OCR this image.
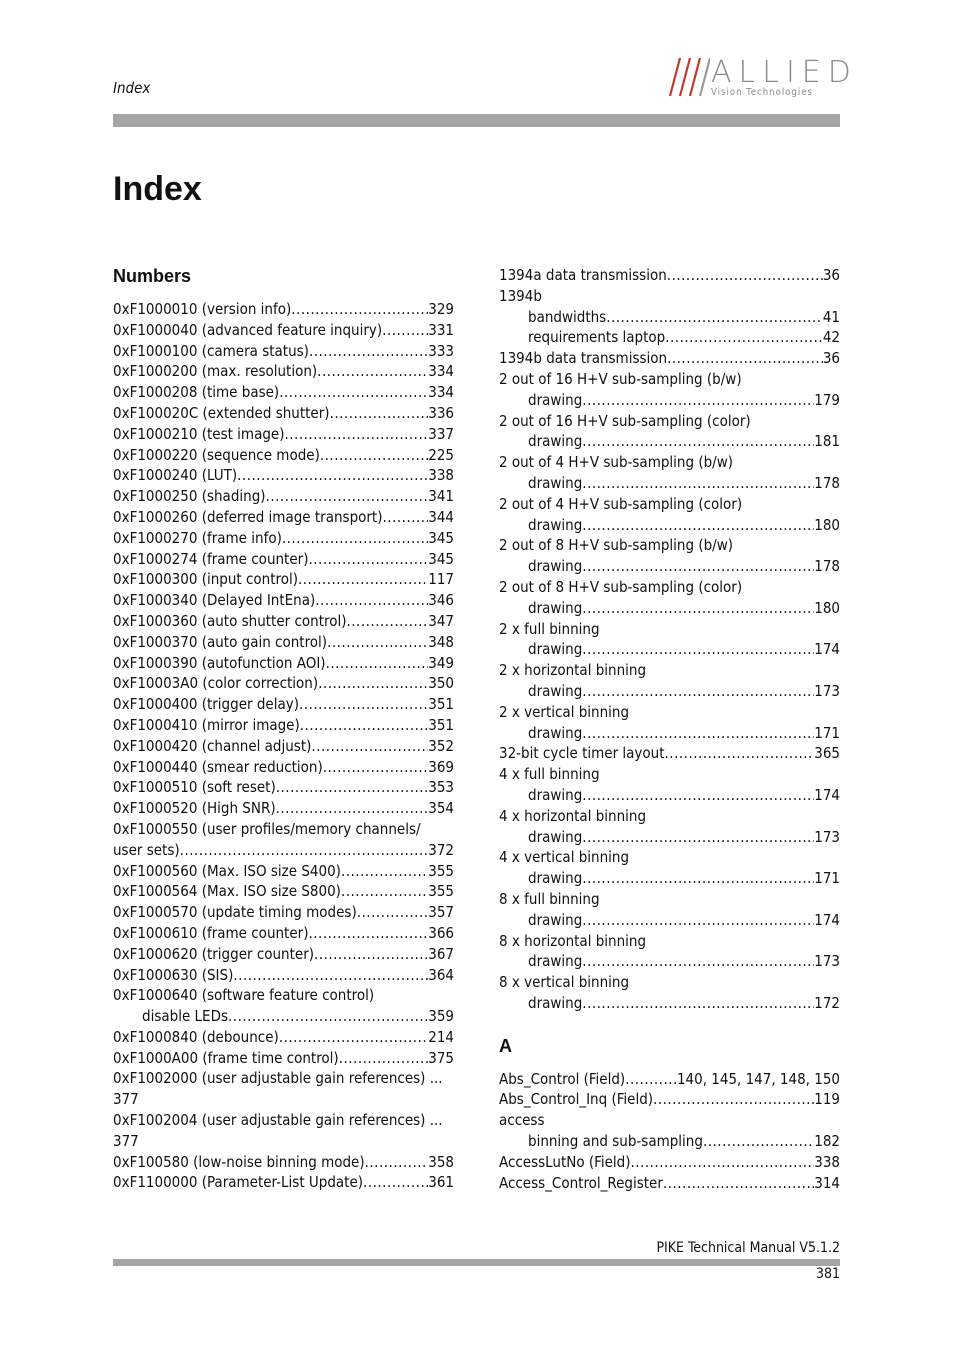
Index	ALLIED
Vision Technologies
Index
Numbers
0xF1000010 (version info) .....	329
0xF1000040 (advanced feature inquiry) .....	331
0xF1000100 (camera status) .....	333
0xF1000200 (max. resolution) .....	334
0xF1000208 (time base) .....	334
0xF100020C (extended shutter) .....	336
0xF1000210 (test image) .....	337
0xF1000220 (sequence mode) .....	225
0xF1000240 (LUT) .....	338
0xF1000250 (shading) .....	341
0xF1000260 (deferred image transport) .....	344
0xF1000270 (frame info) .....	345
0xF1000274 (frame counter) .....	345
0xF1000300 (input control) .....	117
0xF1000340 (Delayed IntEna) .....	346
0xF1000360 (auto shutter control) .....	347
0xF1000370 (auto gain control) .....	348
0xF1000390 (autofunction AOI) .....	349
0xF10003A0 (color correction) .....	350
0xF1000400 (trigger delay) .....	351
0xF1000410 (mirror image) .....	351
0xF1000420 (channel adjust) .....	352
0xF1000440 (smear reduction) .....	369
0xF1000510 (soft reset) .....	353
0xF1000520 (High SNR) .....	354
0xF1000550 (user profiles/memory channels/
user sets) .....	372
0xF1000560 (Max. ISO size S400) .....	355
0xF1000564 (Max. ISO size S800) .....	355
0xF1000570 (update timing modes) .....	357
0xF1000610 (frame counter) .....	366
0xF1000620 (trigger counter) .....	367
0xF1000630 (SIS) .....	364
0xF1000640 (software feature control)
disable LEDs .....	359
0xF1000840 (debounce) .....	214
0xF1000A00 (frame time control) .....	375
0xF1002000 (user adjustable gain references) ...
377
0xF1002004 (user adjustable gain references) ...
377
0xF100580 (low-noise binning mode) .....	358
0xF1100000 (Parameter-List Update) .....	361
1394a data transmission .....	36
1394b
bandwidths .....	41
requirements laptop .....	42
1394b data transmission .....	36
2 out of 16 H+V sub-sampling (b/w)
drawing .....	179
2 out of 16 H+V sub-sampling (color)
drawing .....	181
2 out of 4 H+V sub-sampling (b/w)
drawing .....	178
2 out of 4 H+V sub-sampling (color)
drawing .....	180
2 out of 8 H+V sub-sampling (b/w)
drawing .....	178
2 out of 8 H+V sub-sampling (color)
drawing .....	180
2 x full binning
drawing .....	174
2 x horizontal binning
drawing .....	173
2 x vertical binning
drawing .....	171
32-bit cycle timer layout .....	365
4 x full binning
drawing .....	174
4 x horizontal binning
drawing .....	173
4 x vertical binning
drawing .....	171
8 x full binning
drawing .....	174
8 x horizontal binning
drawing .....	173
8 x vertical binning
drawing .....	172
A
Abs_Control (Field) .....	140, 145, 147, 148, 150
Abs_Control_Inq (Field) .....	119
access
binning and sub-sampling .....	182
AccessLutNo (Field) .....	338
Access_Control_Register .....	314
PIKE Technical Manual V5.1.2
381
